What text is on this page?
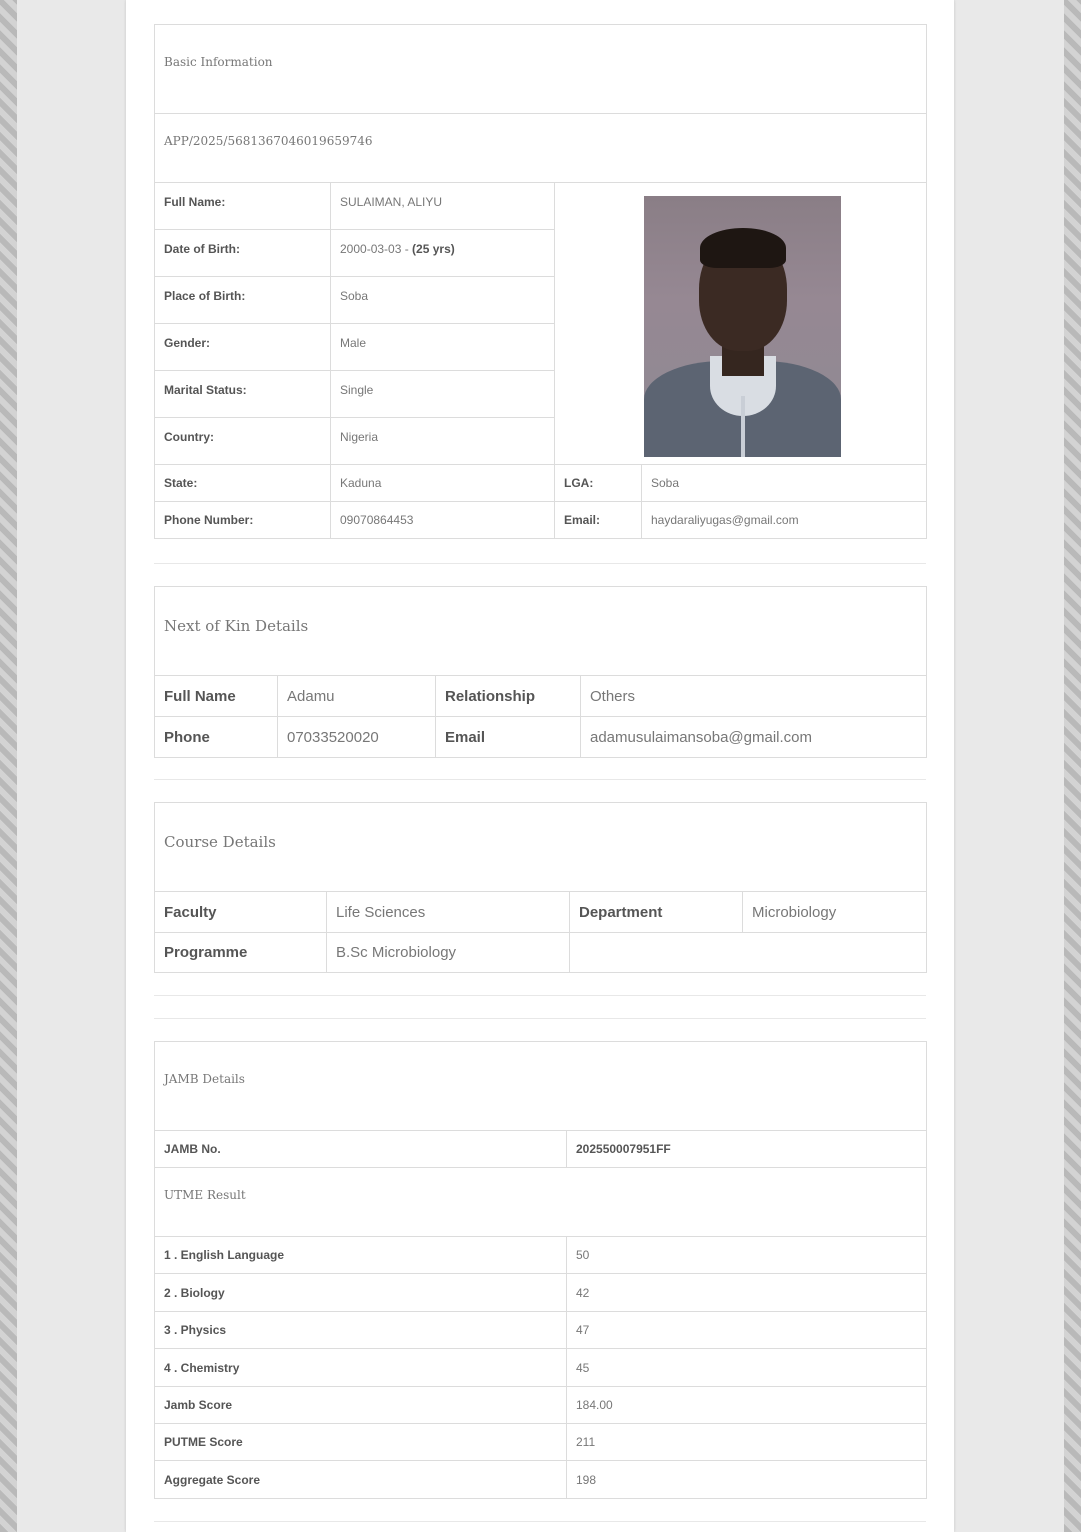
Basic Information			
APP/2025/5681367046019659746			
Full Name:	SULAIMAN, ALIYU		
Date of Birth:	2000-03-03 - (25 yrs)		
Place of Birth:	Soba		
Gender:	Male		
Marital Status:	Single		
Country:	Nigeria		
State:	Kaduna	LGA:	Soba
Phone Number:	09070864453	Email:	haydaraliyugas@gmail.com
Next of Kin Details			
Full Name	Adamu	Relationship	Others
Phone	07033520020	Email	adamusulaimansoba@gmail.com
Course Details			
Faculty	Life Sciences	Department	Microbiology
Programme	B.Sc Microbiology		
JAMB Details	
JAMB No.	202550007951FF
UTME Result	
1 . English Language	50
2 . Biology	42
3 . Physics	47
4 . Chemistry	45
Jamb Score	184.00
PUTME Score	211
Aggregate Score	198
